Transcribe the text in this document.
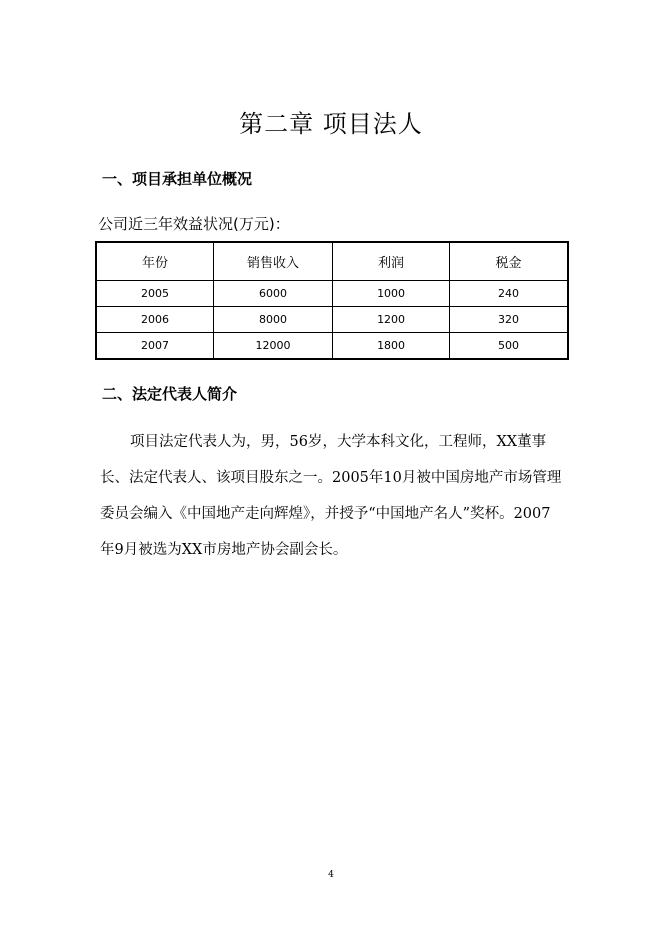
第二章 项目法人
一、项目承担单位概况
公司近三年效益状况(万元)：
年份	销售收入	利润	税金
2005	6000	1000	240
2006	8000	1200	320
2007	12000	1800	500
二、法定代表人简介

项目法定代表人为，男，56岁，大学本科文化，工程师，XX董事长、法定代表人、该项目股东之一。2005年10月被中国房地产市场管理委员会编入《中国地产走向辉煌》，并授予“中国地产名人”奖杯。2007年9月被选为XX市房地产协会副会长。

4
